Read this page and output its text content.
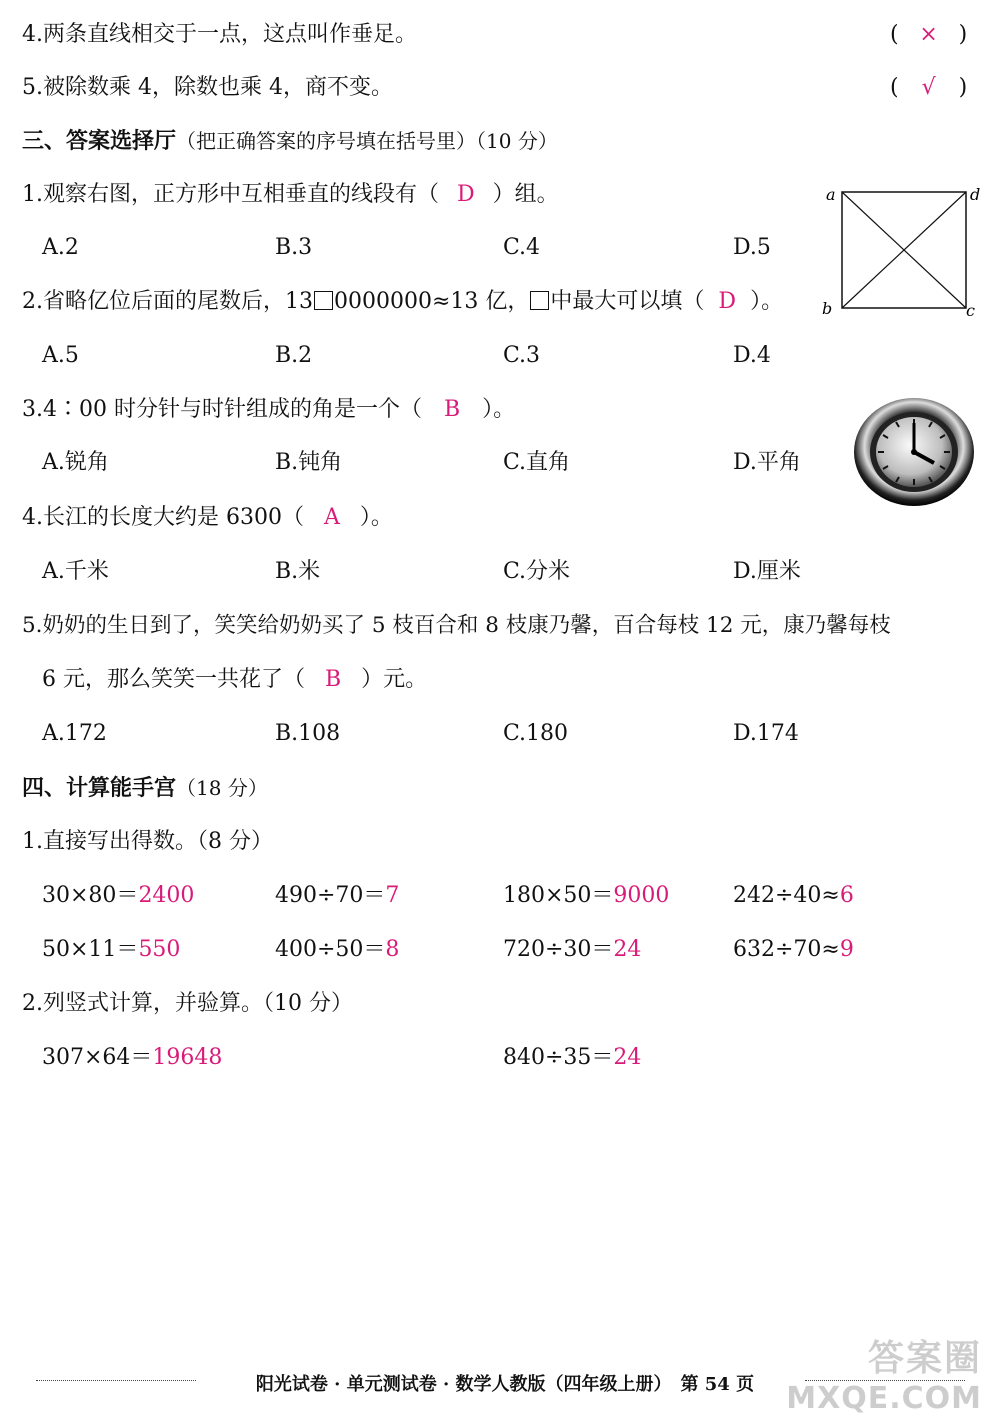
4.两条直线相交于一点，这点叫作垂足。	( × )
5.被除数乘 4，除数也乘 4，商不变。	( √ )
三、答案选择厅（把正确答案的序号填在括号里）（10 分）
1.观察右图，正方形中互相垂直的线段有（ D ）组。
A.2	B.3	C.4	D.5
a	d
b	c
2.省略亿位后面的尾数后，13 0000000≈13 亿， 中最大可以填（ D ）。
A.5	B.2	C.3	D.4
3.4∶00 时分针与时针组成的角是一个（ B ）。
A.锐角	B.钝角	C.直角	D.平角
4.长江的长度大约是 6300（ A ）。
A.千米	B.米	C.分米	D.厘米
5.奶奶的生日到了，笑笑给奶奶买了 5 枝百合和 8 枝康乃馨，百合每枝 12 元，康乃馨每枝
6 元，那么笑笑一共花了（ B ）元。
A.172	B.108	C.180	D.174
四、计算能手宫（18 分）
1.直接写出得数。（8 分）
30×80＝2400	490÷70＝7	180×50＝9000	242÷40≈6
50×11＝550	400÷50＝8	720÷30＝24	632÷70≈9
2.列竖式计算，并验算。（10 分）
307×64＝19648	840÷35＝24
答案圈
MXQE.COM
阳光试卷 · 单元测试卷 · 数学人教版（四年级上册）　第 54 页
